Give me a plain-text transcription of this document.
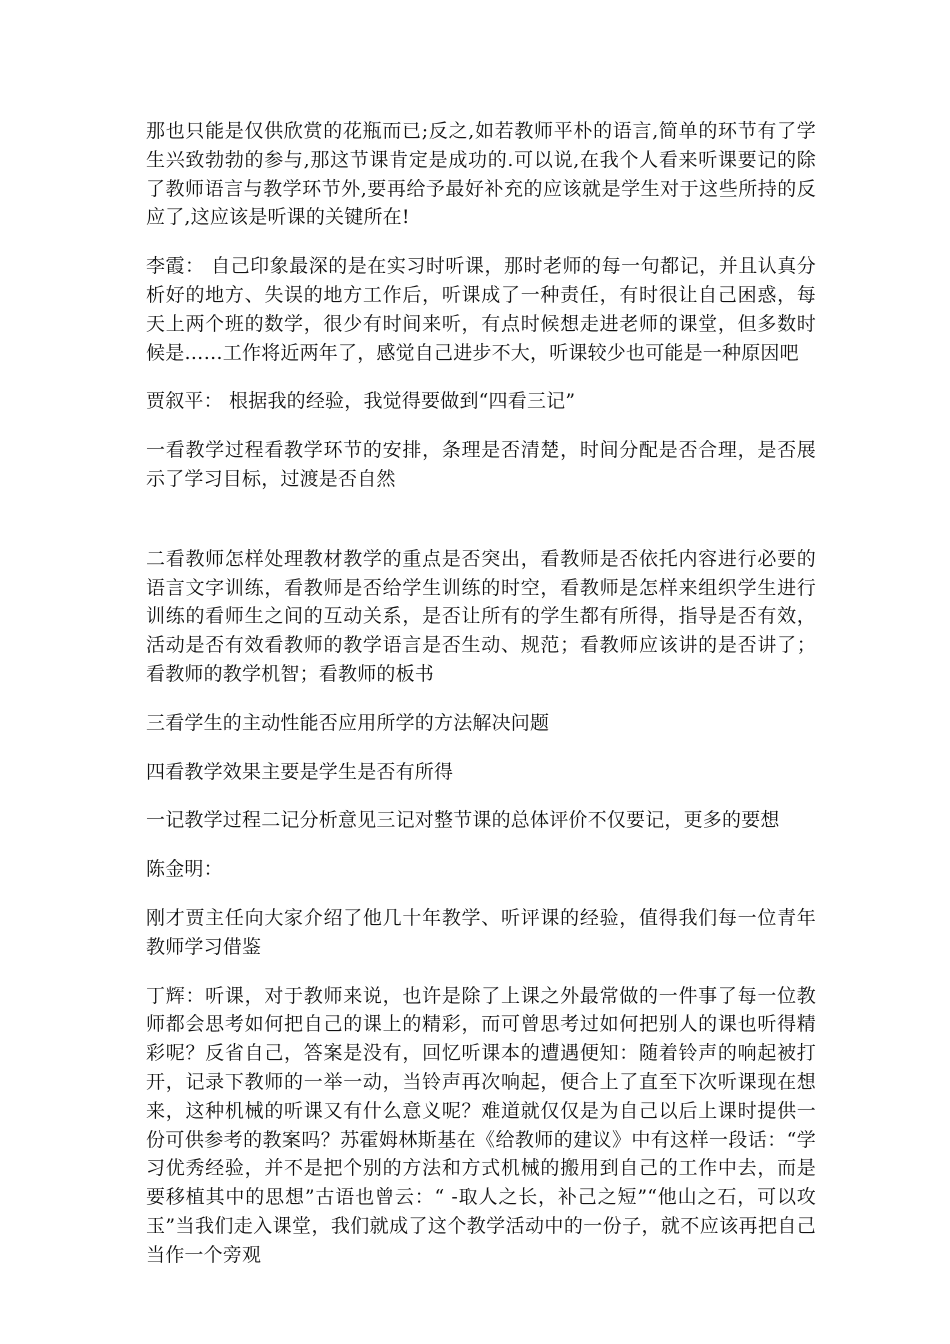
那也只能是仅供欣赏的花瓶而已;反之,如若教师平朴的语言,简单的环节有了学生兴致勃勃的参与,那这节课肯定是成功的.可以说,在我个人看来听课要记的除了教师语言与教学环节外,要再给予最好补充的应该就是学生对于这些所持的反应了,这应该是听课的关键所在!

李霞： 自己印象最深的是在实习时听课，那时老师的每一句都记，并且认真分析好的地方、失误的地方工作后，听课成了一种责任，有时很让自己困惑，每天上两个班的数学，很少有时间来听，有点时候想走进老师的课堂，但多数时候是……工作将近两年了，感觉自己进步不大，听课较少也可能是一种原因吧

贾叙平： 根据我的经验，我觉得要做到“四看三记”

一看教学过程看教学环节的安排，条理是否清楚，时间分配是否合理，是否展示了学习目标，过渡是否自然

二看教师怎样处理教材教学的重点是否突出，看教师是否依托内容进行必要的语言文字训练，看教师是否给学生训练的时空，看教师是怎样来组织学生进行训练的看师生之间的互动关系，是否让所有的学生都有所得，指导是否有效，活动是否有效看教师的教学语言是否生动、规范；看教师应该讲的是否讲了；看教师的教学机智；看教师的板书

三看学生的主动性能否应用所学的方法解决问题

四看教学效果主要是学生是否有所得

一记教学过程二记分析意见三记对整节课的总体评价不仅要记，更多的要想

陈金明：

刚才贾主任向大家介绍了他几十年教学、听评课的经验，值得我们每一位青年教师学习借鉴

丁辉：听课，对于教师来说，也许是除了上课之外最常做的一件事了每一位教师都会思考如何把自己的课上的精彩，而可曾思考过如何把别人的课也听得精彩呢？反省自己，答案是没有，回忆听课本的遭遇便知：随着铃声的响起被打开，记录下教师的一举一动，当铃声再次响起，便合上了直至下次听课现在想来，这种机械的听课又有什么意义呢？难道就仅仅是为自己以后上课时提供一份可供参考的教案吗？苏霍姆林斯基在《给教师的建议》中有这样一段话：“学习优秀经验，并不是把个别的方法和方式机械的搬用到自己的工作中去，而是要移植其中的思想”古语也曾云：“ -取人之长，补己之短”“他山之石，可以攻玉”当我们走入课堂，我们就成了这个教学活动中的一份子，就不应该再把自己当作一个旁观
